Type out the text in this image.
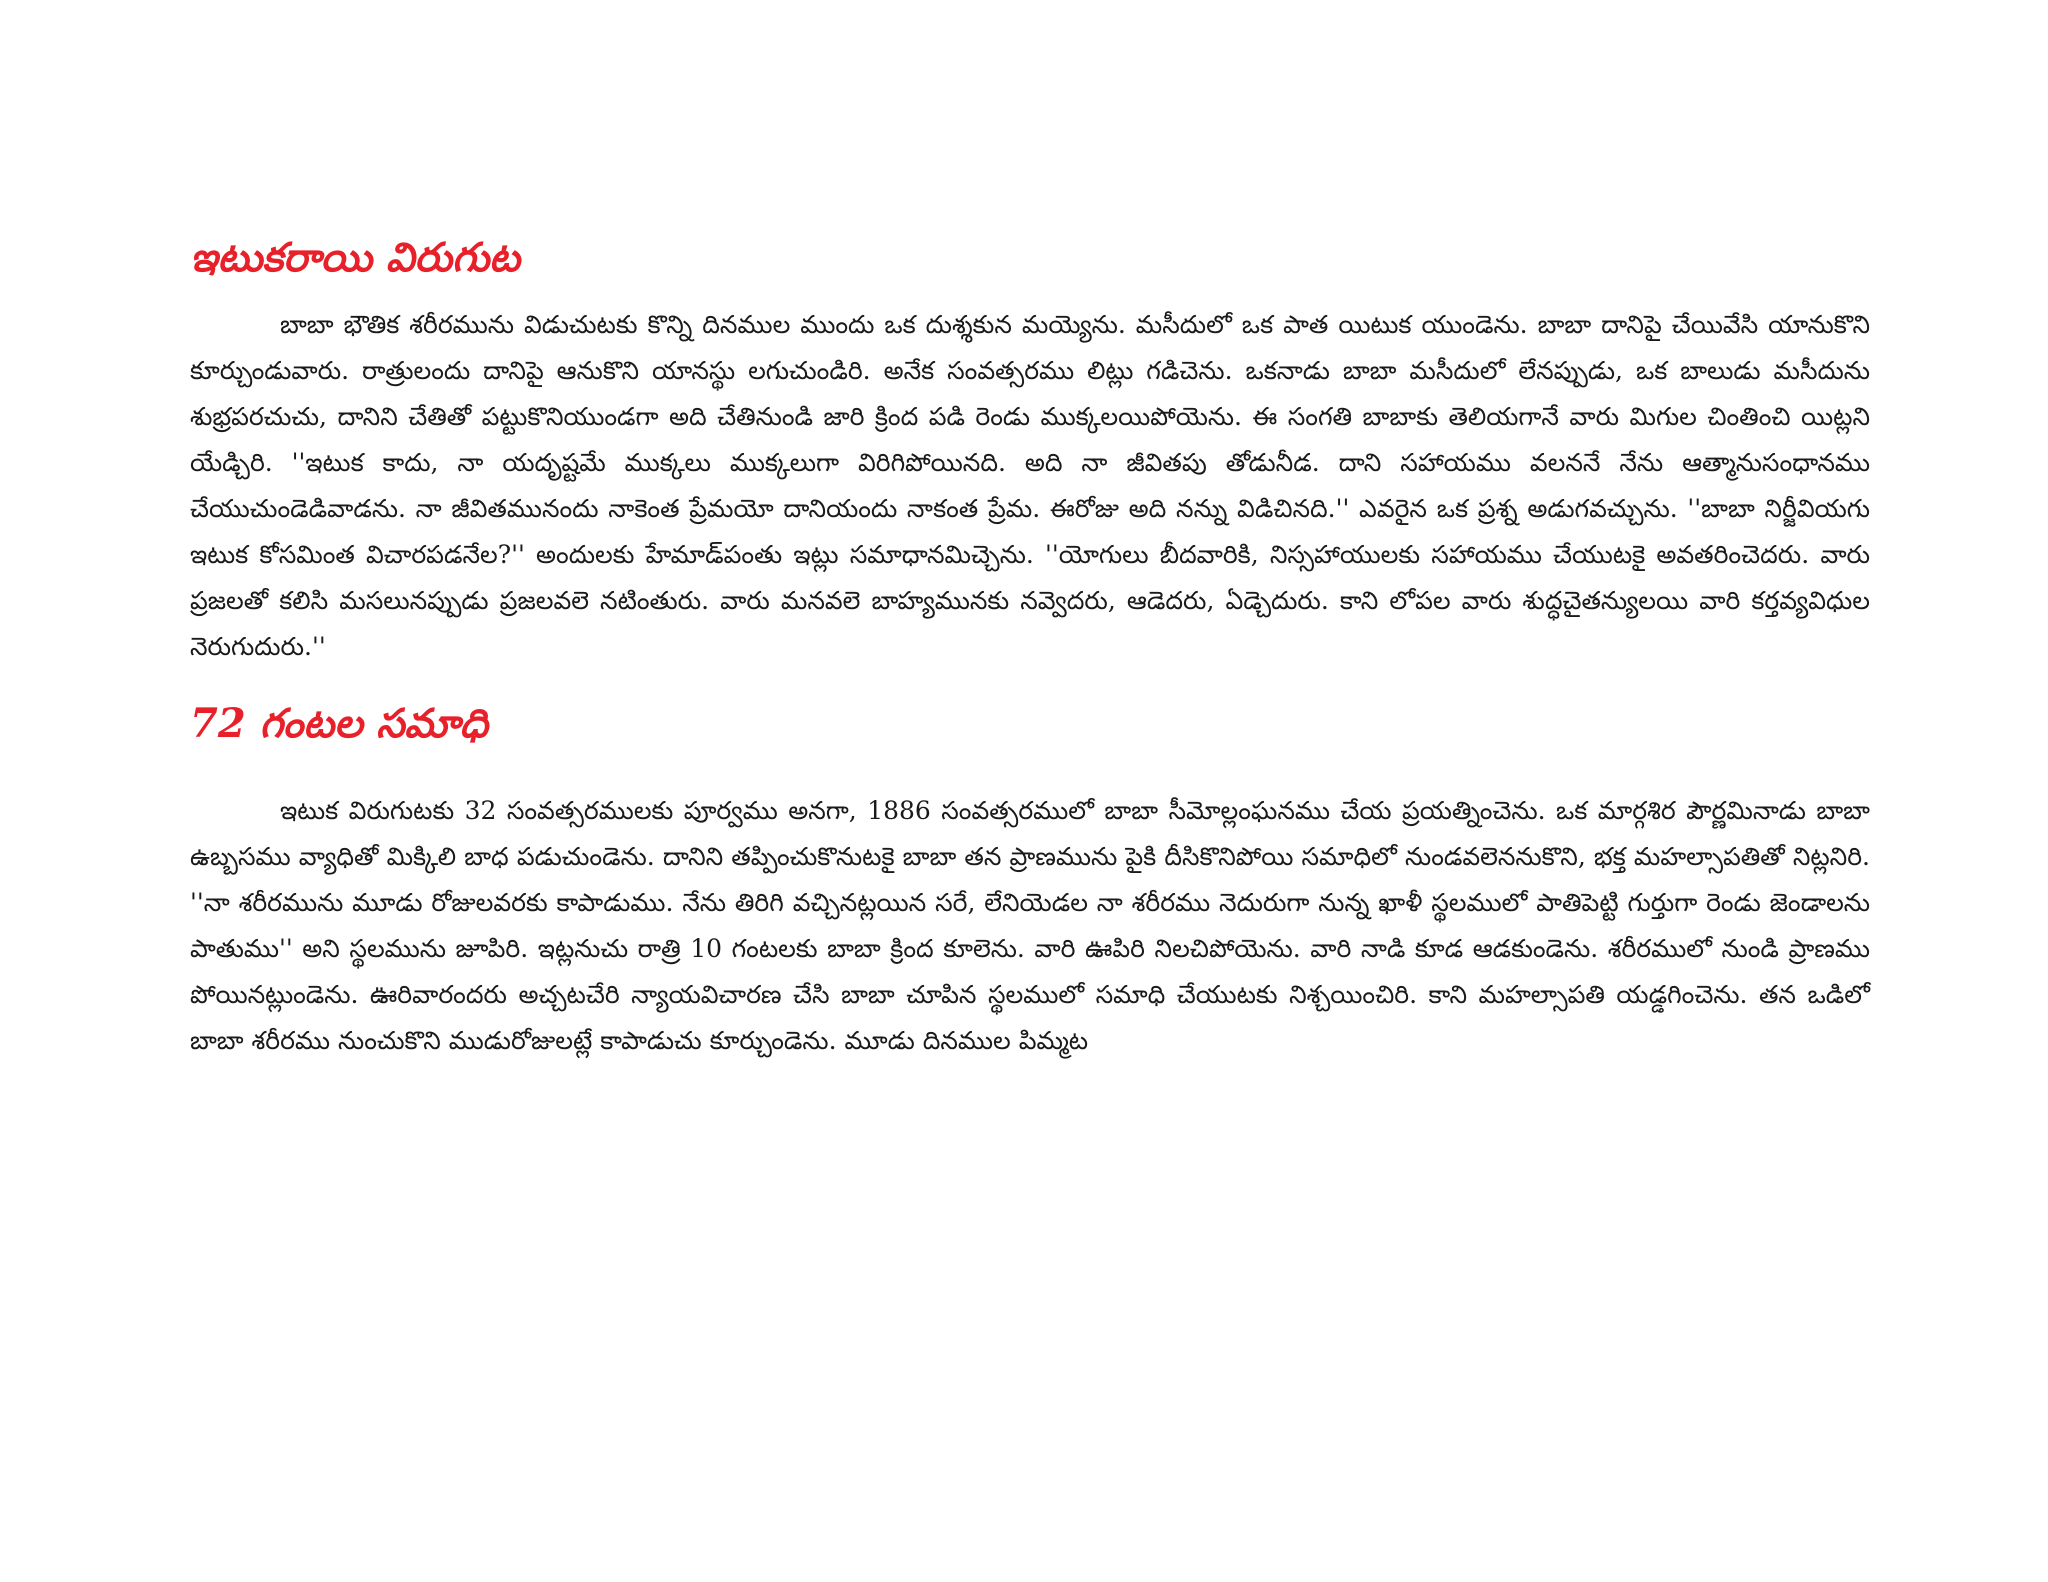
ఇటుకరాయి విరుగుట

బాబా భౌతిక శరీరమును విడుచుటకు కొన్ని దినముల ముందు ఒక దుశ్శకున మయ్యెను. మసీదులో ఒక పాత యిటుక యుండెను. బాబా దానిపై చేయివేసి యానుకొని కూర్చుండువారు. రాత్రులందు దానిపై ఆనుకొని యానస్థు లగుచుండిరి. అనేక సంవత్సరము లిట్లు గడిచెను. ఒకనాడు బాబా మసీదులో లేనప్పుడు, ఒక బాలుడు మసీదును శుభ్రపరచుచు, దానిని చేతితో పట్టుకొనియుండగా అది చేతినుండి జారి క్రింద పడి రెండు ముక్కలయిపోయెను. ఈ సంగతి బాబాకు తెలియగానే వారు మిగుల చింతించి యిట్లని యేడ్చిరి. ''ఇటుక కాదు, నా యదృష్టమే ముక్కలు ముక్కలుగా విరిగిపోయినది. అది నా జీవితపు తోడునీడ. దాని సహాయము వలననే నేను ఆత్మానుసంధానము చేయుచుండెడివాడను. నా జీవితమునందు నాకెంత ప్రేమయో దానియందు నాకంత ప్రేమ. ఈరోజు అది నన్ను విడిచినది.'' ఎవరైన ఒక ప్రశ్న అడుగవచ్చును. ''బాబా నిర్జీవియగు ఇటుక కోసమింత విచారపడనేల?'' అందులకు హేమాడ్‌పంతు ఇట్లు సమాధానమిచ్చెను. ''యోగులు బీదవారికి, నిస్సహాయులకు సహాయము చేయుటకై అవతరించెదరు. వారు ప్రజలతో కలిసి మసలునప్పుడు ప్రజలవలె నటింతురు. వారు మనవలె బాహ్యమునకు నవ్వెదరు, ఆడెదరు, ఏడ్చెదురు. కాని లోపల వారు శుద్ధచైతన్యులయి వారి కర్తవ్యవిధుల నెరుగుదురు.''

72 గంటల సమాధి

ఇటుక విరుగుటకు 32 సంవత్సరములకు పూర్వము అనగా, 1886 సంవత్సరములో బాబా సీమోల్లంఘనము చేయ ప్రయత్నించెను. ఒక మార్గశిర పౌర్ణమినాడు బాబా ఉబ్బసము వ్యాధితో మిక్కిలి బాధ పడుచుండెను. దానిని తప్పించుకొనుటకై బాబా తన ప్రాణమును పైకి దీసికొనిపోయి సమాధిలో నుండవలెననుకొని, భక్త మహల్సాపతితో నిట్లనిరి. ''నా శరీరమును మూడు రోజులవరకు కాపాడుము. నేను తిరిగి వచ్చినట్లయిన సరే, లేనియెడల నా శరీరము నెదురుగా నున్న ఖాళీ స్థలములో పాతిపెట్టి గుర్తుగా రెండు జెండాలను పాతుము'' అని స్థలమును జూపిరి. ఇట్లనుచు రాత్రి 10 గంటలకు బాబా క్రింద కూలెను. వారి ఊపిరి నిలచిపోయెను. వారి నాడి కూడ ఆడకుండెను. శరీరములో నుండి ప్రాణము పోయినట్లుండెను. ఊరివారందరు అచ్చటచేరి న్యాయవిచారణ చేసి బాబా చూపిన స్థలములో సమాధి చేయుటకు నిశ్చయించిరి. కాని మహల్సాపతి యడ్డగించెను. తన ఒడిలో బాబా శరీరము నుంచుకొని ముడురోజులట్లే కాపాడుచు కూర్చుండెను. మూడు దినముల పిమ్మట
